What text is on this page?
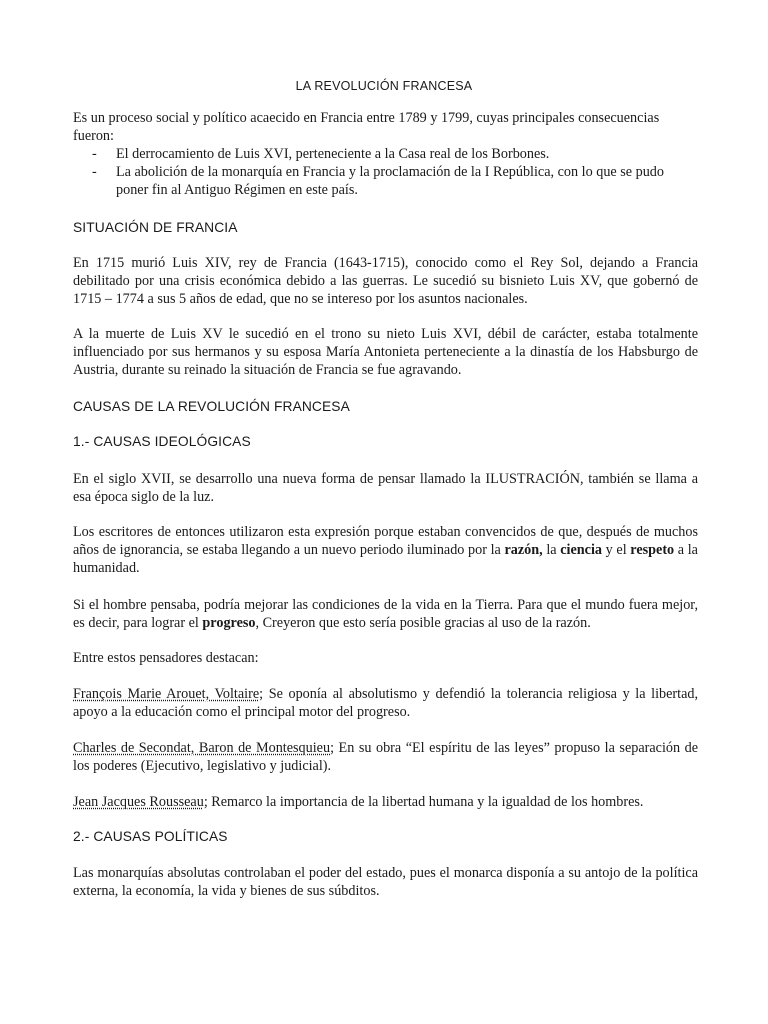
LA REVOLUCIÓN FRANCESA
Es un proceso social y político acaecido en Francia entre 1789 y 1799, cuyas principales consecuencias fueron:
- El derrocamiento de Luis XVI, perteneciente a la Casa real de los Borbones.
- La abolición de la monarquía en Francia y la proclamación de la I República, con lo que se pudo poner fin al Antiguo Régimen en este país.
SITUACIÓN DE FRANCIA
En 1715 murió Luis XIV, rey de Francia (1643-1715), conocido como el Rey Sol, dejando a Francia debilitado por una crisis económica debido a las guerras. Le sucedió su bisnieto Luis XV, que gobernó de 1715 – 1774 a sus 5 años de edad, que no se intereso por los asuntos nacionales.
A la muerte de Luis XV le sucedió en el trono su nieto Luis XVI, débil de carácter, estaba totalmente influenciado por sus hermanos y su esposa María Antonieta perteneciente a la dinastía de los Habsburgo de Austria, durante su reinado la situación de Francia se fue agravando.
CAUSAS DE LA REVOLUCIÓN FRANCESA
1.- CAUSAS IDEOLÓGICAS
En el siglo XVII, se desarrollo una nueva forma de pensar llamado la ILUSTRACIÓN, también se llama a esa época siglo de la luz.
Los escritores de entonces utilizaron esta expresión porque estaban convencidos de que, después de muchos años de ignorancia, se estaba llegando a un nuevo periodo iluminado por la razón, la ciencia y el respeto a la humanidad.
Si el hombre pensaba, podría mejorar las condiciones de la vida en la Tierra. Para que el mundo fuera mejor, es decir, para lograr el progreso, Creyeron que esto sería posible gracias al uso de la razón.
Entre estos pensadores destacan:
François Marie Arouet, Voltaire; Se oponía al absolutismo y defendió la tolerancia religiosa y la libertad, apoyo a la educación como el principal motor del progreso.
Charles de Secondat, Baron de Montesquieu; En su obra “El espíritu de las leyes” propuso la separación de los poderes (Ejecutivo, legislativo y judicial).
Jean Jacques Rousseau; Remarco la importancia de la libertad humana y la igualdad de los hombres.
2.- CAUSAS POLÍTICAS
Las monarquías absolutas controlaban el poder del estado, pues el monarca disponía a su antojo de la política externa, la economía, la vida y bienes de sus súbditos.
